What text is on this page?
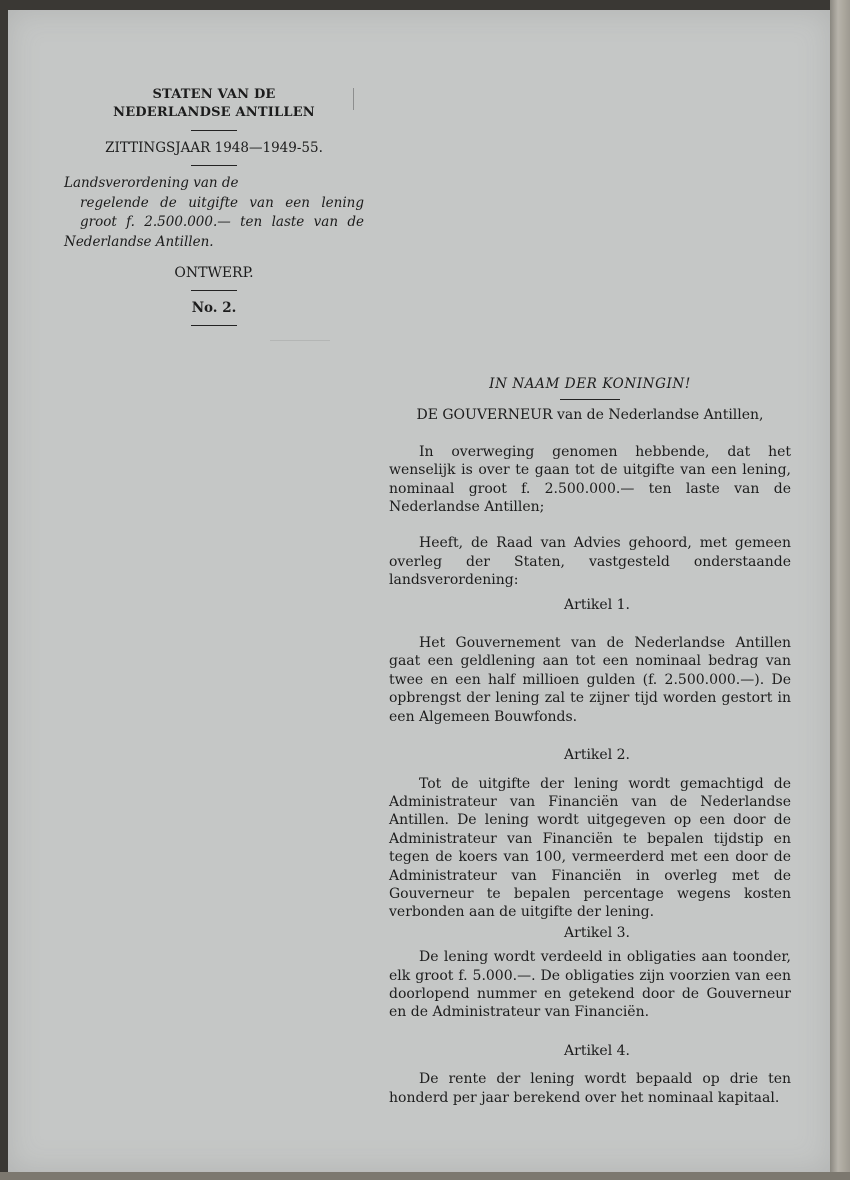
STATEN VAN DE
NEDERLANDSE ANTILLEN
ZITTINGSJAAR 1948—1949-55.
Landsverordening van de
regelende de uitgifte van een lening
groot f. 2.500.000.— ten laste van de
Nederlandse Antillen.
ONTWERP.
No. 2.
IN NAAM DER KONINGIN!
DE GOUVERNEUR van de Nederlandse Antillen,

In overweging genomen hebbende, dat het wenselijk is over te gaan tot de uitgifte van een lening, nominaal groot f. 2.500.000.— ten laste van de Nederlandse Antillen;

Heeft, de Raad van Advies gehoord, met gemeen overleg der Staten, vastgesteld onderstaande landsverordening:

Artikel 1.

Het Gouvernement van de Nederlandse Antillen gaat een geldlening aan tot een nominaal bedrag van twee en een half millioen gulden (f. 2.500.000.—). De opbrengst der lening zal te zijner tijd worden gestort in een Algemeen Bouwfonds.

Artikel 2.

Tot de uitgifte der lening wordt gemachtigd de Administrateur van Financiën van de Nederlandse Antillen. De lening wordt uitgegeven op een door de Administrateur van Financiën te bepalen tijdstip en tegen de koers van 100, vermeerderd met een door de Administrateur van Financiën in overleg met de Gouverneur te bepalen percentage wegens kosten verbonden aan de uitgifte der lening.

Artikel 3.

De lening wordt verdeeld in obligaties aan toonder, elk groot f. 5.000.—. De obligaties zijn voorzien van een doorlopend nummer en getekend door de Gouverneur en de Administrateur van Financiën.

Artikel 4.

De rente der lening wordt bepaald op drie ten honderd per jaar berekend over het nominaal kapitaal.
